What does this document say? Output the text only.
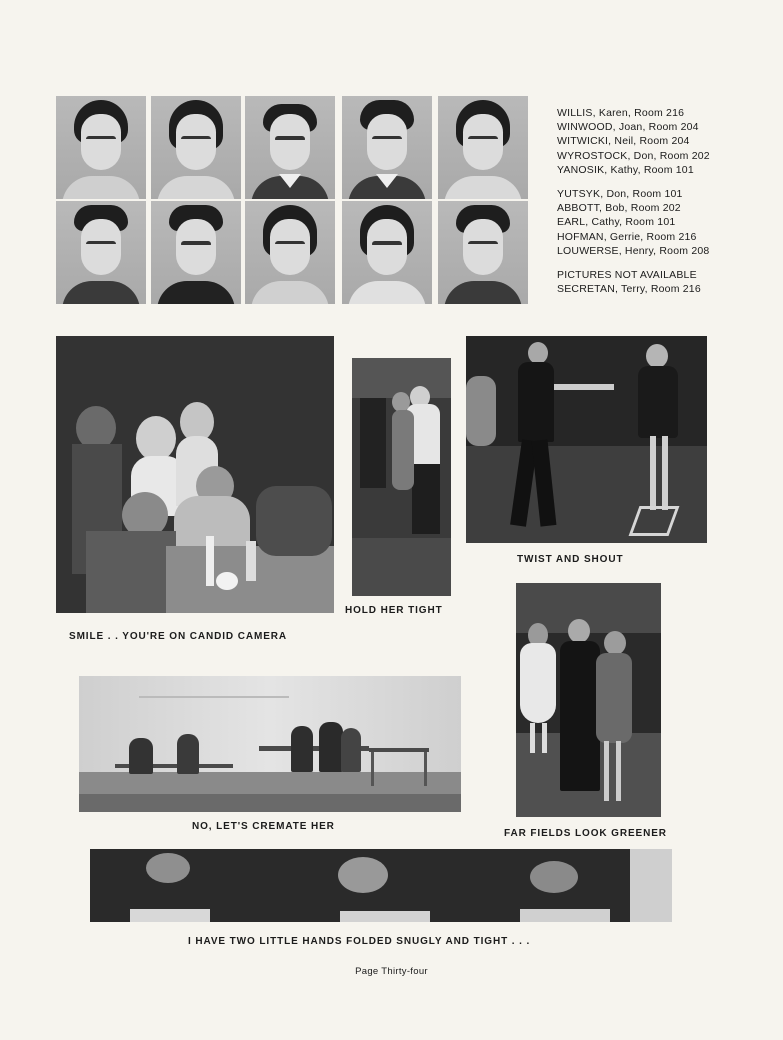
WILLIS, Karen, Room 216
WINWOOD, Joan, Room 204
WITWICKI, Neil, Room 204
WYROSTOCK, Don, Room 202
YANOSIK, Kathy, Room 101
YUTSYK, Don, Room 101
ABBOTT, Bob, Room 202
EARL, Cathy, Room 101
HOFMAN, Gerrie, Room 216
LOUWERSE, Henry, Room 208
PICTURES NOT AVAILABLE
SECRETAN, Terry, Room 216
SMILE . . YOU'RE ON CANDID CAMERA
HOLD HER TIGHT
TWIST AND SHOUT
FAR FIELDS LOOK GREENER
NO, LET'S CREMATE HER
I HAVE TWO LITTLE HANDS FOLDED SNUGLY AND TIGHT . . .
Page Thirty-four
